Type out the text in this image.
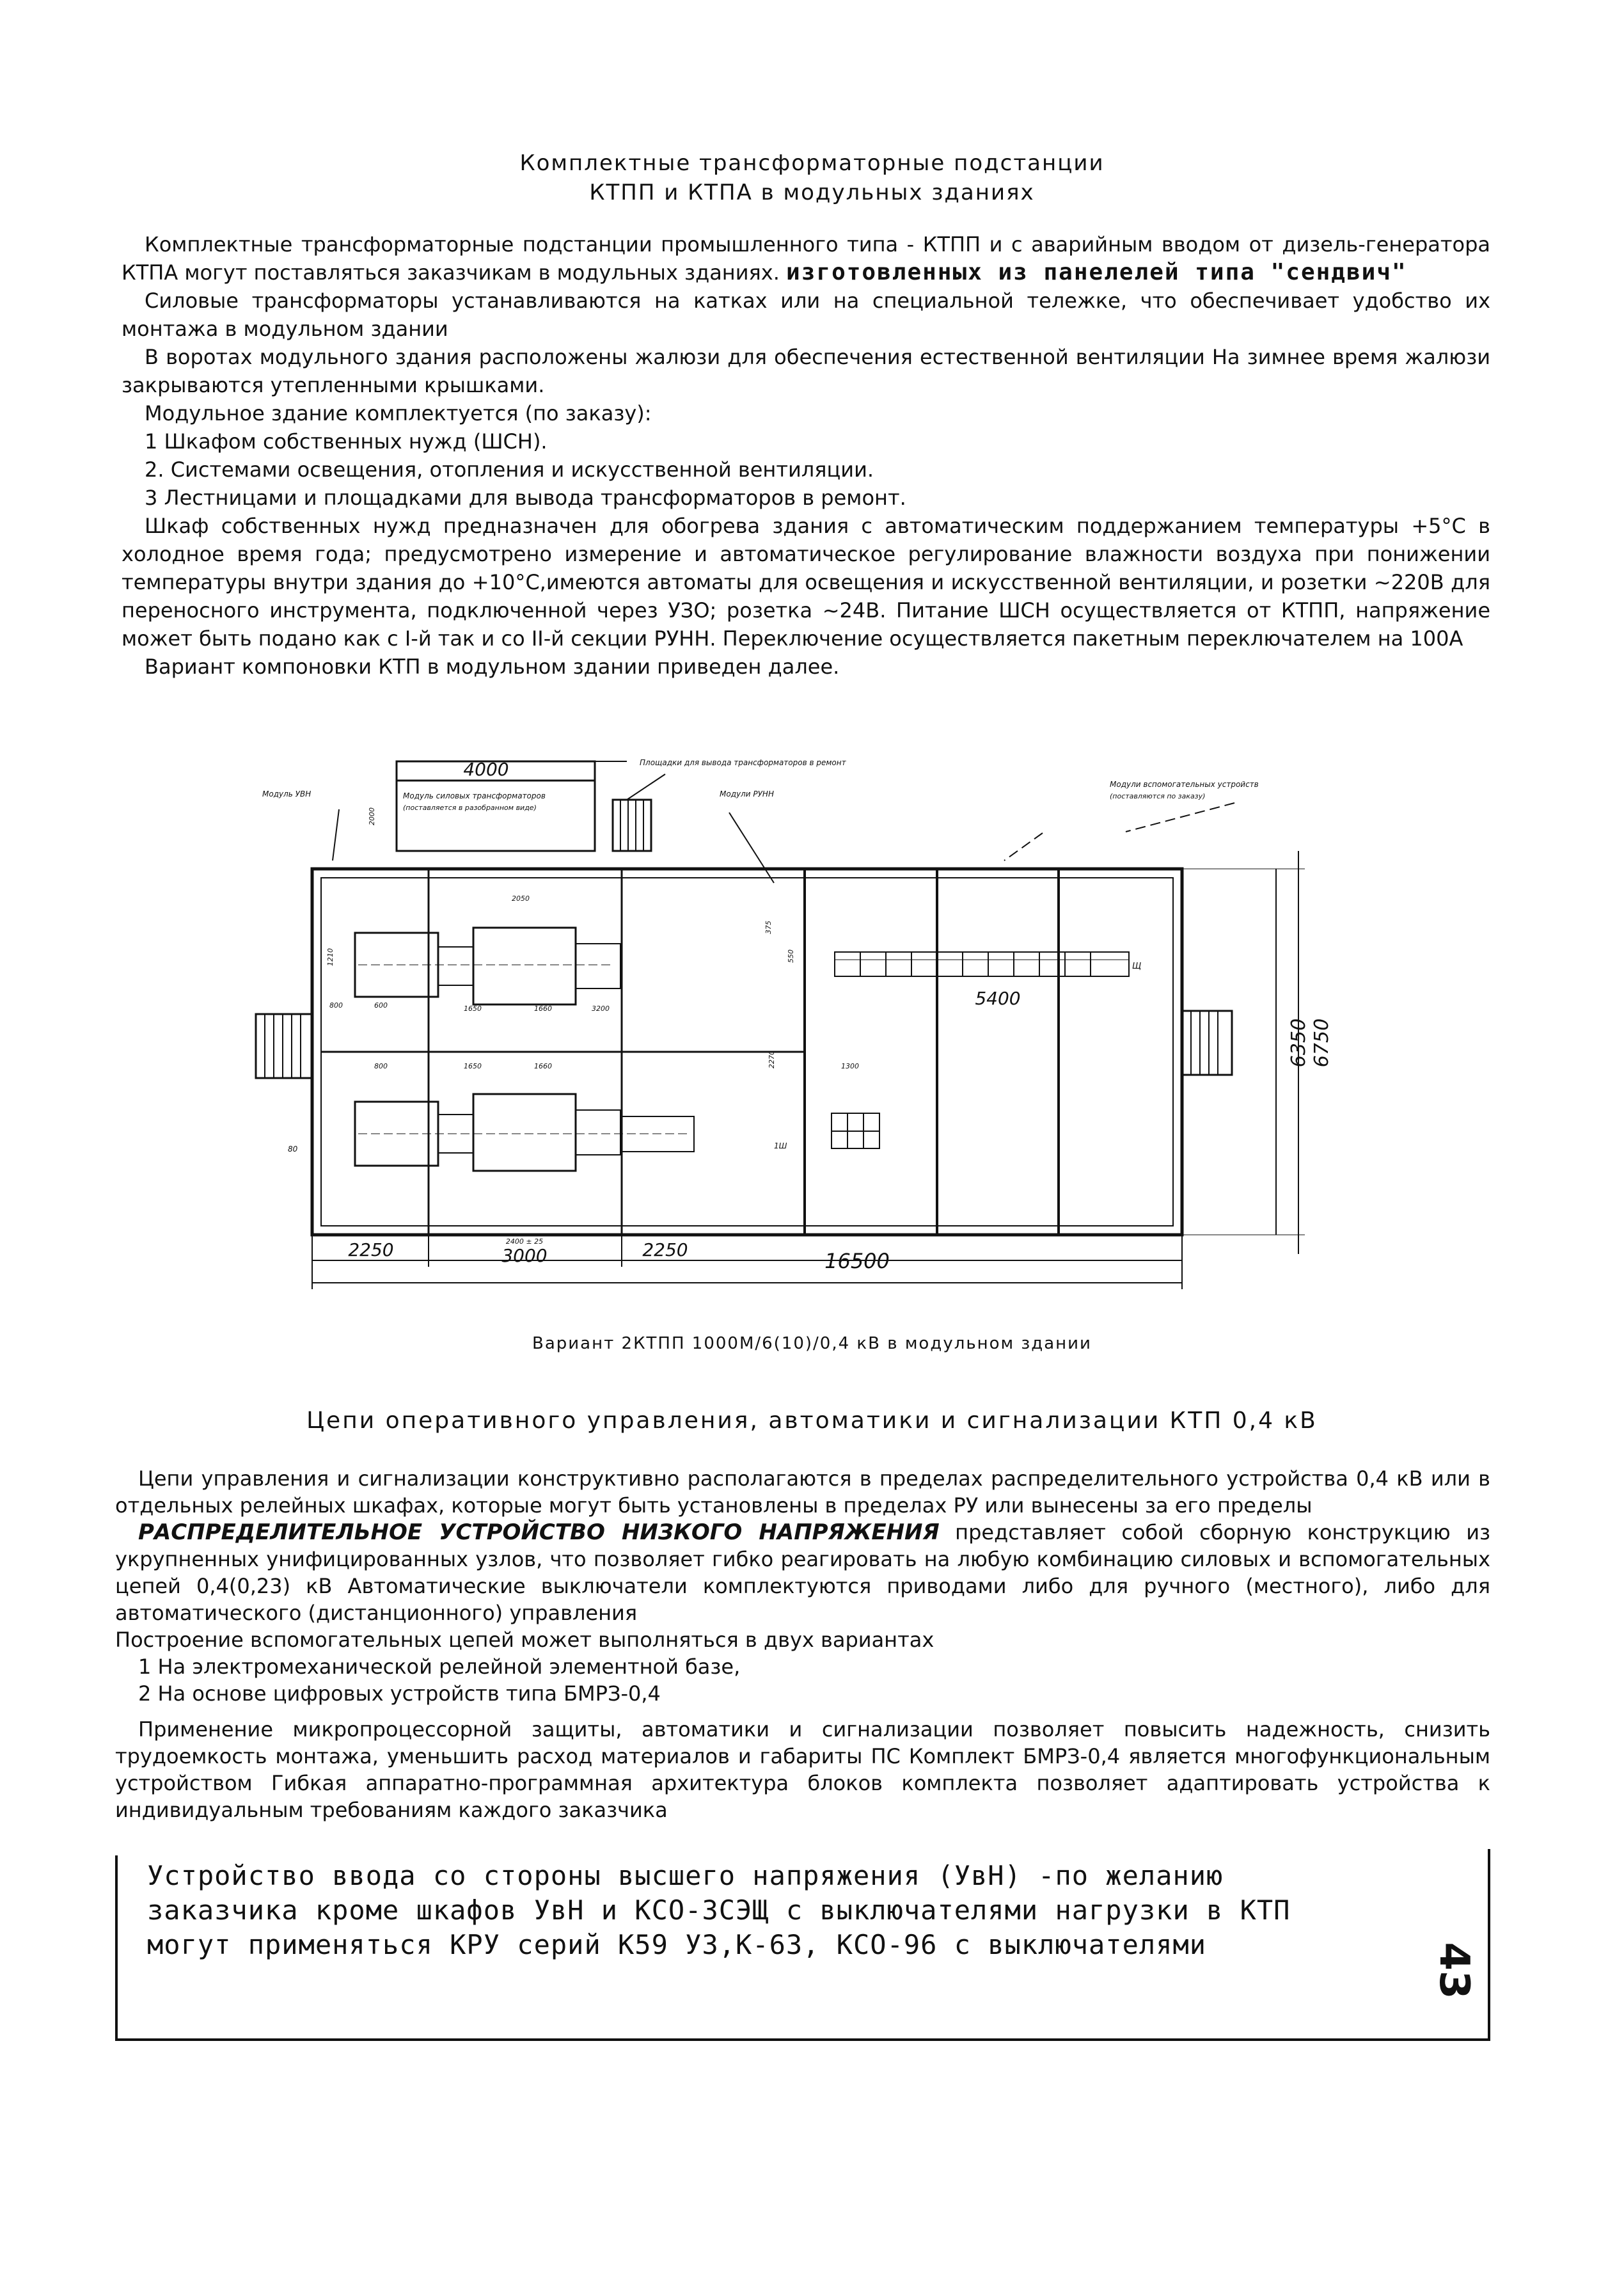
Комплектные трансформаторные подстанции
КТПП и КТПА в модульных зданиях

Комплектные трансформаторные подстанции промышленного типа - КТПП и с аварийным вводом от дизель-генератора КТПА могут поставляться заказчикам в модульных зданиях. изготовленных из панелелей типа "сендвич"

Силовые трансформаторы устанавливаются на катках или на специальной тележке, что обеспечивает удобство их монтажа в модульном здании

В воротах модульного здания расположены жалюзи для обеспечения естественной вентиляции На зимнее время жалюзи закрываются утепленными крышками.

Модульное здание комплектуется (по заказу):

1 Шкафом собственных нужд (ШСН).

2. Системами освещения, отопления и искусственной вентиляции.

3 Лестницами и площадками для вывода трансформаторов в ремонт.

Шкаф собственных нужд предназначен для обогрева здания с автоматическим поддержанием температуры +5°С в холодное время года; предусмотрено измерение и автоматическое регулирование влажности воздуха при понижении температуры внутри здания до +10°С,имеются автоматы для освещения и искусственной вентиляции, и розетки ~220В для переносного инструмента, подключенной через УЗО; розетка ~24В. Питание ШСН осуществляется от КТПП, напряжение может быть подано как с I-й так и со II-й секции РУНН. Переключение осуществляется пакетным переключателем на 100А

Вариант компоновки КТП в модульном здании приведен далее.

4000	Площадки для вывода трансформаторов в ремонт
Модуль УВН	Модуль силовых трансформаторов
(поставляется в разобранном виде)
Модули РУНН
Модули вспомогательных устройств
(поставляются по заказу)
5400
Щ
6350 6750
2250	3000	2250	16500
2400 ± 25
2000
2050
3200
1650
1650
1660
1660
800
800
600
1210
375
550
2270	1300
1Ш
80
Вариант 2КТПП 1000М/6(10)/0,4 кВ в модульном здании
Цепи оперативного управления, автоматики и сигнализации КТП 0,4 кВ

Цепи управления и сигнализации конструктивно располагаются в пределах распределительного устройства 0,4 кВ или в отдельных релейных шкафах, которые могут быть установлены в пределах РУ или вынесены за его пределы

РАСПРЕДЕЛИТЕЛЬНОЕ УСТРОЙСТВО НИЗКОГО НАПРЯЖЕНИЯ представляет собой сборную конструкцию из укрупненных унифицированных узлов, что позволяет гибко реагировать на любую комбинацию силовых и вспомогательных цепей 0,4(0,23) кВ Автоматические выключатели комплектуются приводами либо для ручного (местного), либо для автоматического (дистанционного) управления

Построение вспомогательных цепей может выполняться в двух вариантах

1 На электромеханической релейной элементной базе,

2 На основе цифровых устройств типа БМРЗ-0,4

Применение микропроцессорной защиты, автоматики и сигнализации позволяет повысить надежность, снизить трудоемкость монтажа, уменьшить расход материалов и габариты ПС Комплект БМРЗ-0,4 является многофункциональным устройством Гибкая аппаратно-программная архитектура блоков комплекта позволяет адаптировать устройства к индивидуальным требованиям каждого заказчика

Устройство ввода со стороны высшего напряжения (УвН) -по желанию
заказчика кроме шкафов УвН и КСО-3СЭЩ с выключателями нагрузки в КТП
могут применяться КРУ серий К59 УЗ,К-63, КСО-96 с выключателями	43
